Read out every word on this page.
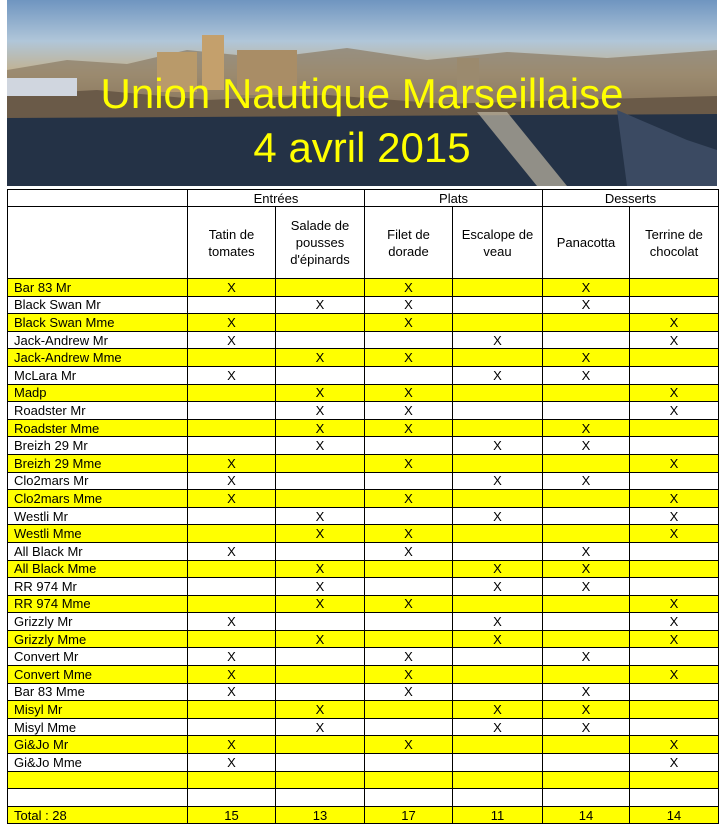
Union Nautique Marseillaise
4 avril 2015
	Entrées		Plats		Desserts	
	Tatin de tomates	Salade de pousses d'épinards	Filet de dorade	Escalope de veau	Panacotta	Terrine de chocolat
Bar 83 Mr	X		X		X	
Black Swan Mr		X	X		X	
Black Swan Mme	X		X			X
Jack-Andrew Mr	X			X		X
Jack-Andrew Mme		X	X		X	
McLara Mr	X			X	X	
Madp		X	X			X
Roadster Mr		X	X			X
Roadster Mme		X	X		X	
Breizh 29 Mr		X		X	X	
Breizh 29 Mme	X		X			X
Clo2mars Mr	X			X	X	
Clo2mars Mme	X		X			X
Westli Mr		X		X		X
Westli Mme		X	X			X
All Black Mr	X		X		X	
All Black Mme		X		X	X	
RR 974 Mr		X		X	X	
RR 974 Mme		X	X			X
Grizzly Mr	X			X		X
Grizzly Mme		X		X		X
Convert Mr	X		X		X	
Convert Mme	X		X			X
Bar 83 Mme	X		X		X	
Misyl Mr		X		X	X	
Misyl Mme		X		X	X	
Gi&Jo Mr	X		X			X
Gi&Jo Mme	X					X

Total : 28	15	13	17	11	14	14
